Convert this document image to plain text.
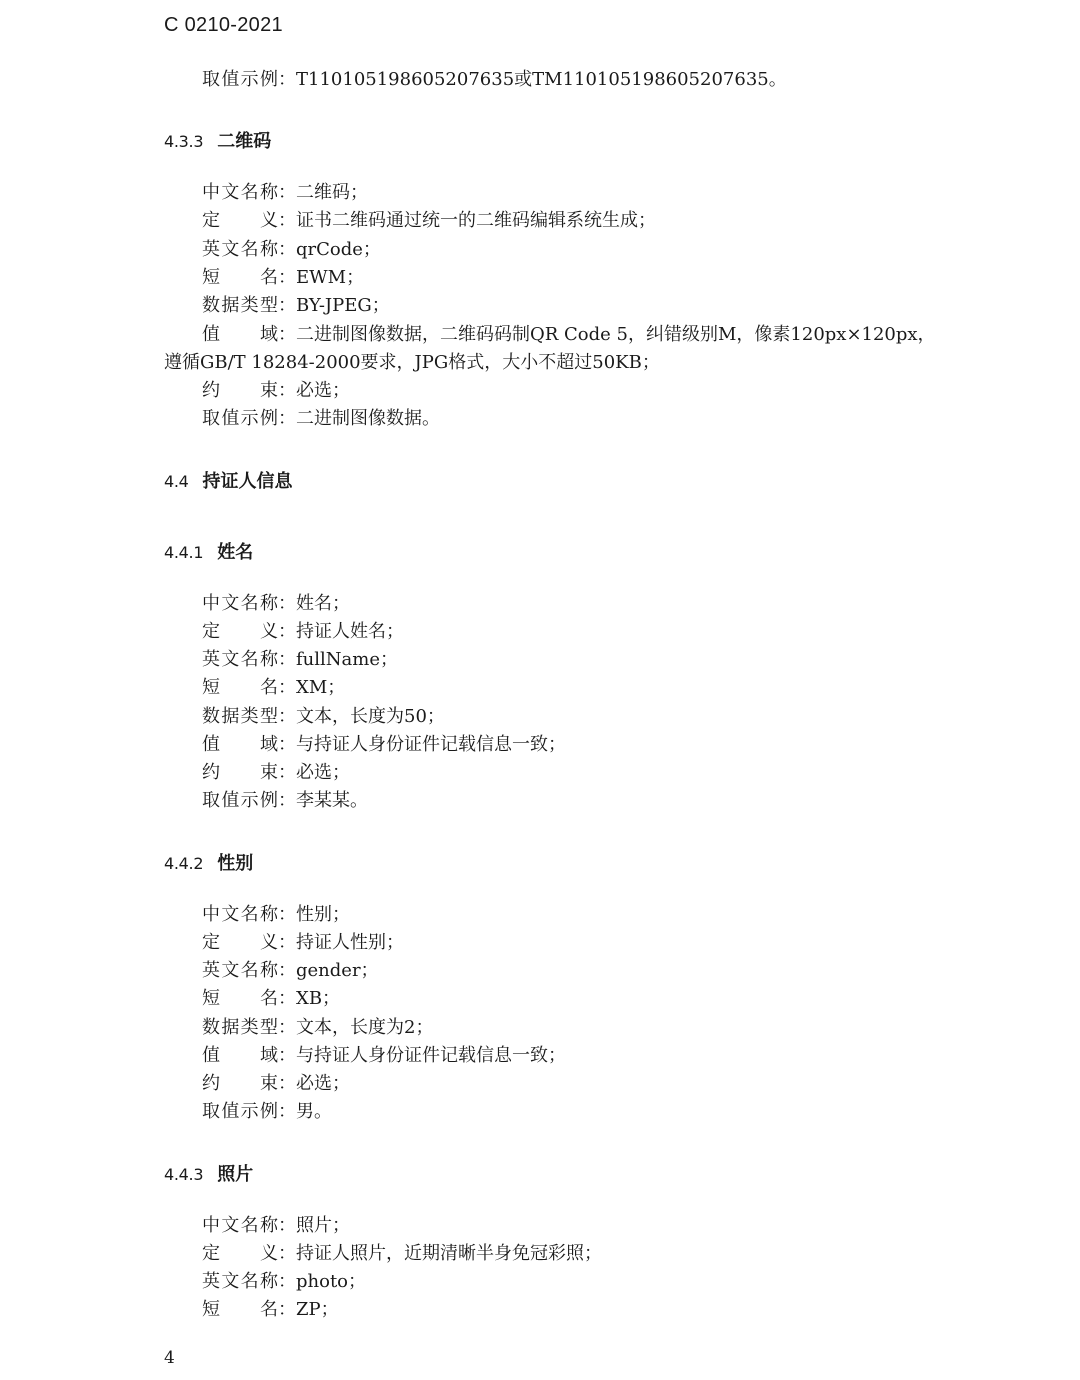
C 0210-2021
取值示例：T110105198605207635或TM110105198605207635。
4.3.3 二维码
中文名称：二维码；
定义：证书二维码通过统一的二维码编辑系统生成；
英文名称：qrCode；
短名：EWM；
数据类型：BY-JPEG；
值域：二进制图像数据，二维码码制QR Code 5，纠错级别M，像素120px×120px，
遵循GB/T 18284-2000要求，JPG格式，大小不超过50KB；
约束：必选；
取值示例：二进制图像数据。
4.4 持证人信息
4.4.1 姓名
中文名称：姓名；
定义：持证人姓名；
英文名称：fullName；
短名：XM；
数据类型：文本，长度为50；
值域：与持证人身份证件记载信息一致；
约束：必选；
取值示例：李某某。
4.4.2 性别
中文名称：性别；
定义：持证人性别；
英文名称：gender；
短名：XB；
数据类型：文本，长度为2；
值域：与持证人身份证件记载信息一致；
约束：必选；
取值示例：男。
4.4.3 照片
中文名称：照片；
定义：持证人照片，近期清晰半身免冠彩照；
英文名称：photo；
短名：ZP；
4
